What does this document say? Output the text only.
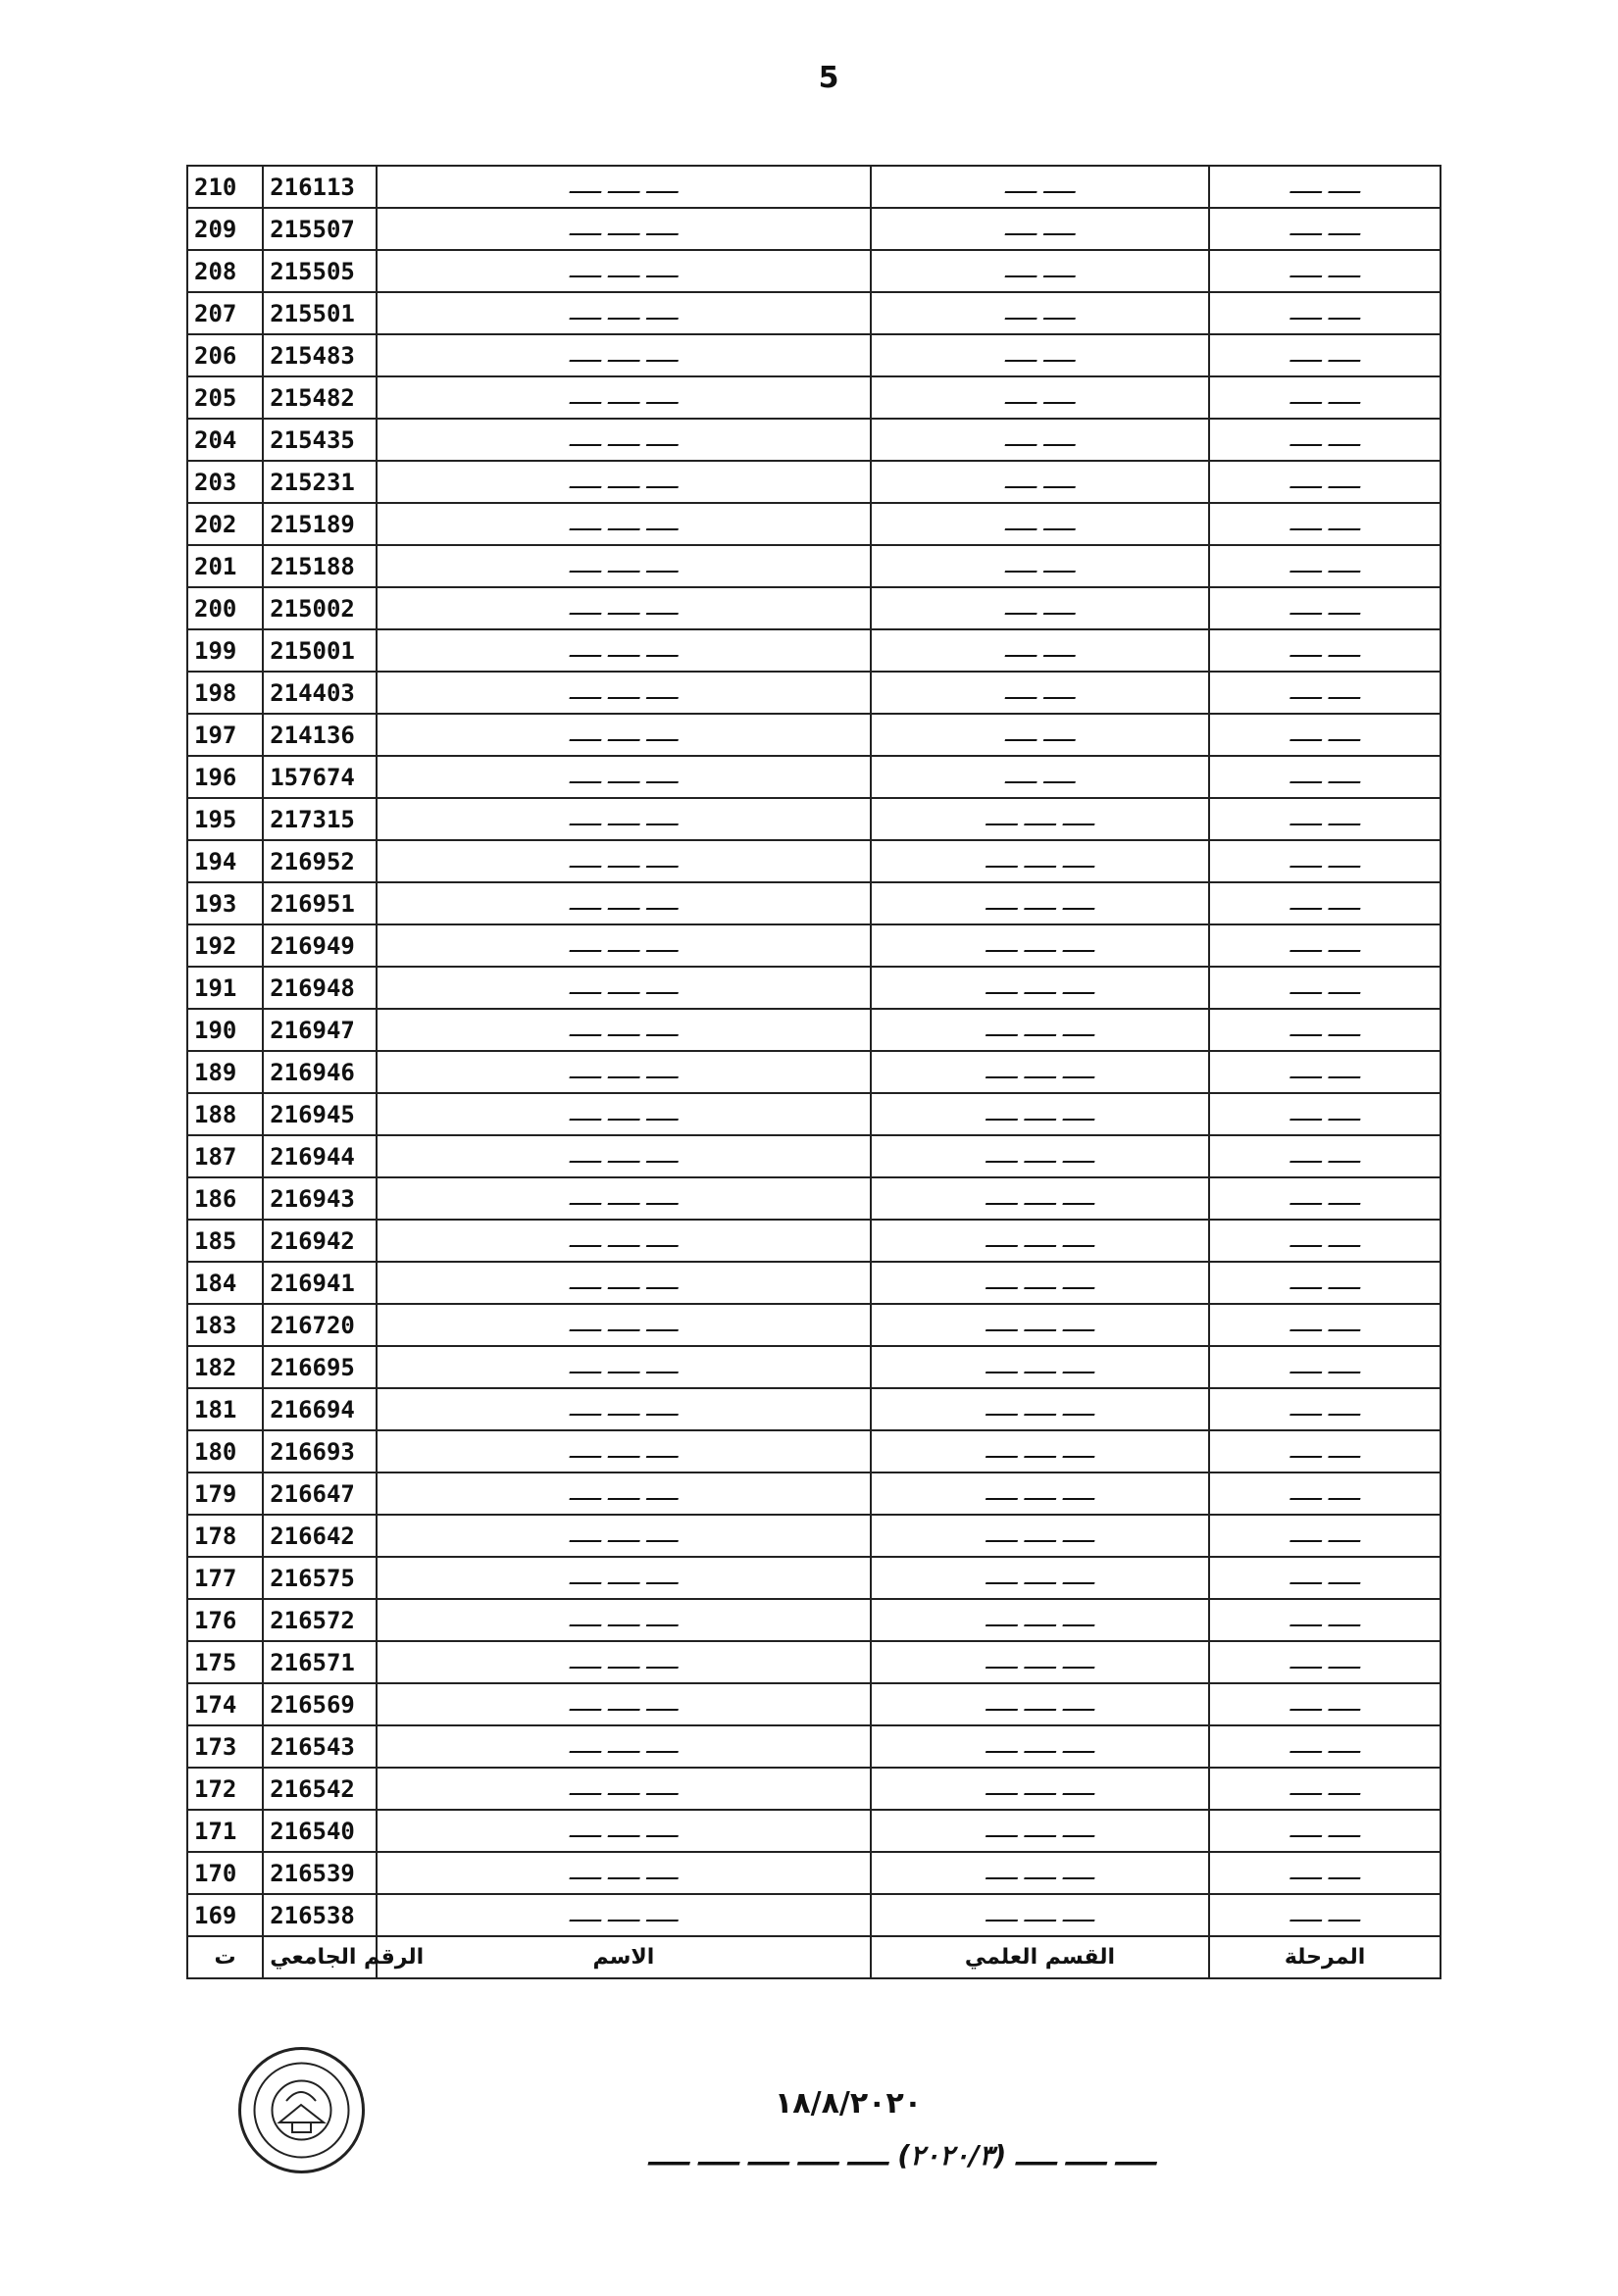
5
210	216113	ـــــ ـــــ ـــــ	ـــــ ـــــ	ـــــ ـــــ
209	215507	ـــــ ـــــ ـــــ	ـــــ ـــــ	ـــــ ـــــ
208	215505	ـــــ ـــــ ـــــ	ـــــ ـــــ	ـــــ ـــــ
207	215501	ـــــ ـــــ ـــــ	ـــــ ـــــ	ـــــ ـــــ
206	215483	ـــــ ـــــ ـــــ	ـــــ ـــــ	ـــــ ـــــ
205	215482	ـــــ ـــــ ـــــ	ـــــ ـــــ	ـــــ ـــــ
204	215435	ـــــ ـــــ ـــــ	ـــــ ـــــ	ـــــ ـــــ
203	215231	ـــــ ـــــ ـــــ	ـــــ ـــــ	ـــــ ـــــ
202	215189	ـــــ ـــــ ـــــ	ـــــ ـــــ	ـــــ ـــــ
201	215188	ـــــ ـــــ ـــــ	ـــــ ـــــ	ـــــ ـــــ
200	215002	ـــــ ـــــ ـــــ	ـــــ ـــــ	ـــــ ـــــ
199	215001	ـــــ ـــــ ـــــ	ـــــ ـــــ	ـــــ ـــــ
198	214403	ـــــ ـــــ ـــــ	ـــــ ـــــ	ـــــ ـــــ
197	214136	ـــــ ـــــ ـــــ	ـــــ ـــــ	ـــــ ـــــ
196	157674	ـــــ ـــــ ـــــ	ـــــ ـــــ	ـــــ ـــــ
195	217315	ـــــ ـــــ ـــــ	ـــــ ـــــ ـــــ	ـــــ ـــــ
194	216952	ـــــ ـــــ ـــــ	ـــــ ـــــ ـــــ	ـــــ ـــــ
193	216951	ـــــ ـــــ ـــــ	ـــــ ـــــ ـــــ	ـــــ ـــــ
192	216949	ـــــ ـــــ ـــــ	ـــــ ـــــ ـــــ	ـــــ ـــــ
191	216948	ـــــ ـــــ ـــــ	ـــــ ـــــ ـــــ	ـــــ ـــــ
190	216947	ـــــ ـــــ ـــــ	ـــــ ـــــ ـــــ	ـــــ ـــــ
189	216946	ـــــ ـــــ ـــــ	ـــــ ـــــ ـــــ	ـــــ ـــــ
188	216945	ـــــ ـــــ ـــــ	ـــــ ـــــ ـــــ	ـــــ ـــــ
187	216944	ـــــ ـــــ ـــــ	ـــــ ـــــ ـــــ	ـــــ ـــــ
186	216943	ـــــ ـــــ ـــــ	ـــــ ـــــ ـــــ	ـــــ ـــــ
185	216942	ـــــ ـــــ ـــــ	ـــــ ـــــ ـــــ	ـــــ ـــــ
184	216941	ـــــ ـــــ ـــــ	ـــــ ـــــ ـــــ	ـــــ ـــــ
183	216720	ـــــ ـــــ ـــــ	ـــــ ـــــ ـــــ	ـــــ ـــــ
182	216695	ـــــ ـــــ ـــــ	ـــــ ـــــ ـــــ	ـــــ ـــــ
181	216694	ـــــ ـــــ ـــــ	ـــــ ـــــ ـــــ	ـــــ ـــــ
180	216693	ـــــ ـــــ ـــــ	ـــــ ـــــ ـــــ	ـــــ ـــــ
179	216647	ـــــ ـــــ ـــــ	ـــــ ـــــ ـــــ	ـــــ ـــــ
178	216642	ـــــ ـــــ ـــــ	ـــــ ـــــ ـــــ	ـــــ ـــــ
177	216575	ـــــ ـــــ ـــــ	ـــــ ـــــ ـــــ	ـــــ ـــــ
176	216572	ـــــ ـــــ ـــــ	ـــــ ـــــ ـــــ	ـــــ ـــــ
175	216571	ـــــ ـــــ ـــــ	ـــــ ـــــ ـــــ	ـــــ ـــــ
174	216569	ـــــ ـــــ ـــــ	ـــــ ـــــ ـــــ	ـــــ ـــــ
173	216543	ـــــ ـــــ ـــــ	ـــــ ـــــ ـــــ	ـــــ ـــــ
172	216542	ـــــ ـــــ ـــــ	ـــــ ـــــ ـــــ	ـــــ ـــــ
171	216540	ـــــ ـــــ ـــــ	ـــــ ـــــ ـــــ	ـــــ ـــــ
170	216539	ـــــ ـــــ ـــــ	ـــــ ـــــ ـــــ	ـــــ ـــــ
169	216538	ـــــ ـــــ ـــــ	ـــــ ـــــ ـــــ	ـــــ ـــــ
ت	الرقم الجامعي	الاسم	القسم العلمي	المرحلة
١٨/٨/٢٠٢٠
ـــــ ـــــ ـــــ (٢٠٢٠/٣) ـــــ ـــــ ـــــ ـــــ ـــــ
